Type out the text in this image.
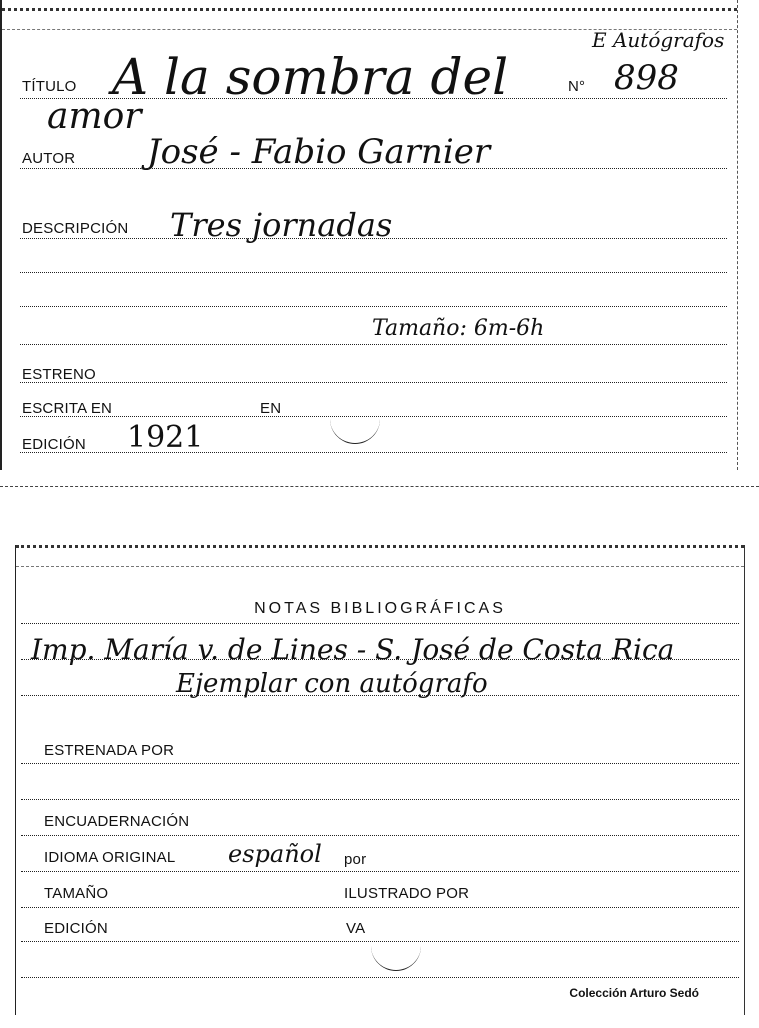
E Autógrafos
TÍTULO A la sombra del	N° 898
amor
AUTOR José - Fabio Garnier
DESCRIPCIÓN Tres jornadas
Tamaño: 6m-6h
ESTRENO
ESCRITA EN	EN
EDICIÓN 1921
NOTAS BIBLIOGRÁFICAS
Imp. María v. de Lines - S. José de Costa Rica
Ejemplar con autógrafo
ESTRENADA POR
ENCUADERNACIÓN
IDIOMA ORIGINAL español por
TAMAÑO	ILUSTRADO POR
EDICIÓN	VA
Colección Arturo Sedó
